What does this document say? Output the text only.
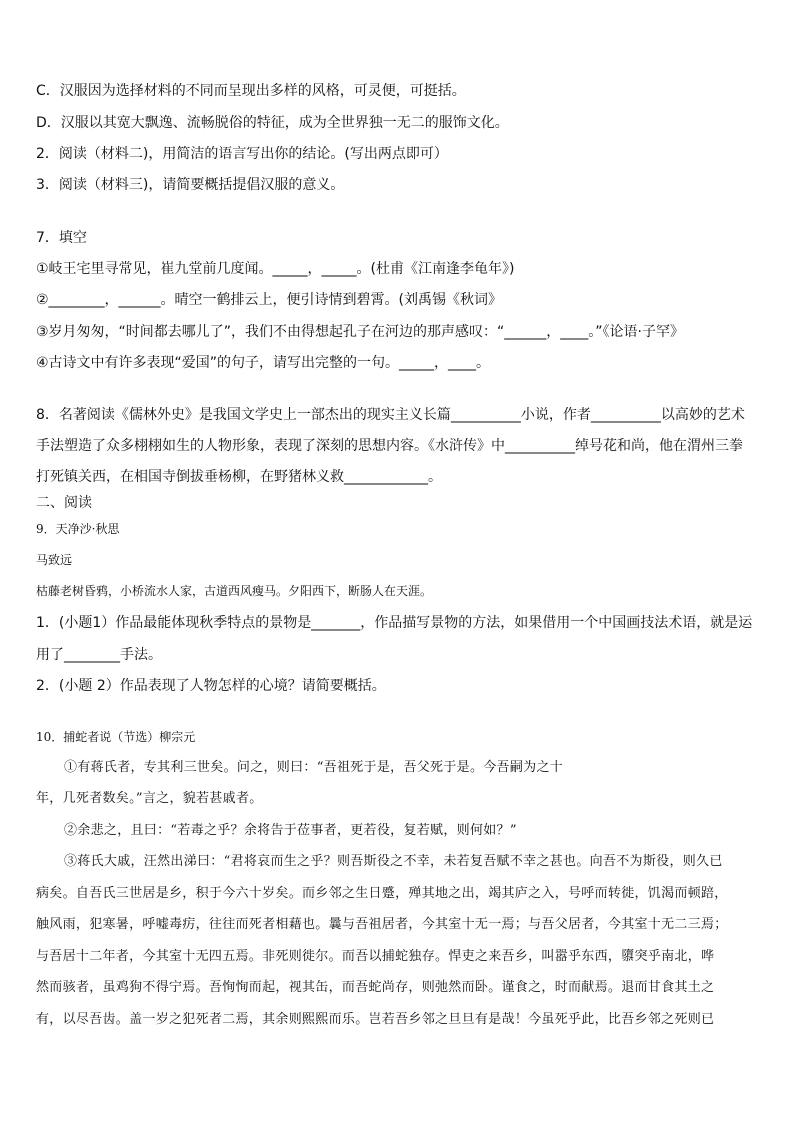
C．汉服因为选择材料的不同而呈现出多样的风格，可灵便，可挺括。
D．汉服以其宽大飘逸、流畅脱俗的特征，成为全世界独一无二的服饰文化。
2．阅读（材料二)，用简洁的语言写出你的结论。(写出两点即可）
3．阅读（材料三)，请简要概括提倡汉服的意义。
7．填空
①岐王宅里寻常见，崔九堂前几度闻。_____，_____。(杜甫《江南逢李龟年》)
②________，______。晴空一鹤排云上，便引诗情到碧霄。(刘禹锡《秋词》
③岁月匆匆，“时间都去哪儿了”，我们不由得想起孔子在河边的那声感叹：“______，____。”《论语·子罕》
④古诗文中有许多表现“爱国”的句子，请写出完整的一句。_____，____。
8．名著阅读《儒林外史》是我国文学史上一部杰出的现实主义长篇__________小说，作者__________以高妙的艺术
手法塑造了众多栩栩如生的人物形象，表现了深刻的思想内容。《水浒传》中__________绰号花和尚，他在渭州三拳
打死镇关西，在相国寺倒拔垂杨柳，在野猪林义救____________。
二、阅读
9．天净沙·秋思
马致远
枯藤老树昏鸦，小桥流水人家，古道西风瘦马。夕阳西下，断肠人在天涯。
1．(小题1）作品最能体现秋季特点的景物是_______，作品描写景物的方法，如果借用一个中国画技法术语，就是运
用了________手法。
2．(小题 2）作品表现了人物怎样的心境？请简要概括。
10．捕蛇者说（节选）柳宗元
①有蒋氏者，专其利三世矣。问之，则曰：“吾祖死于是，吾父死于是。今吾嗣为之十
年，几死者数矣。”言之，貌若甚戚者。
②余悲之，且曰：“若毒之乎？余将告于莅事者，更若役，复若赋，则何如？”
③蒋氏大戚，汪然出涕曰：“君将哀而生之乎？则吾斯役之不幸，未若复吾赋不幸之甚也。向吾不为斯役，则久已
病矣。自吾氏三世居是乡，积于今六十岁矣。而乡邻之生日蹙，殚其地之出，竭其庐之入，号呼而转徙，饥渴而顿踣，
触风雨，犯寒暑，呼嘘毒疠，往往而死者相藉也。曩与吾祖居者，今其室十无一焉；与吾父居者，今其室十无二三焉；
与吾居十二年者，今其室十无四五焉。非死则徙尔。而吾以捕蛇独存。悍吏之来吾乡，叫嚣乎东西，隳突乎南北，哗
然而骇者，虽鸡狗不得宁焉。吾恂恂而起，视其缶，而吾蛇尚存，则弛然而卧。谨食之，时而献焉。退而甘食其土之
有，以尽吾齿。盖一岁之犯死者二焉，其余则熙熙而乐。岂若吾乡邻之旦旦有是哉！今虽死乎此，比吾乡邻之死则已
